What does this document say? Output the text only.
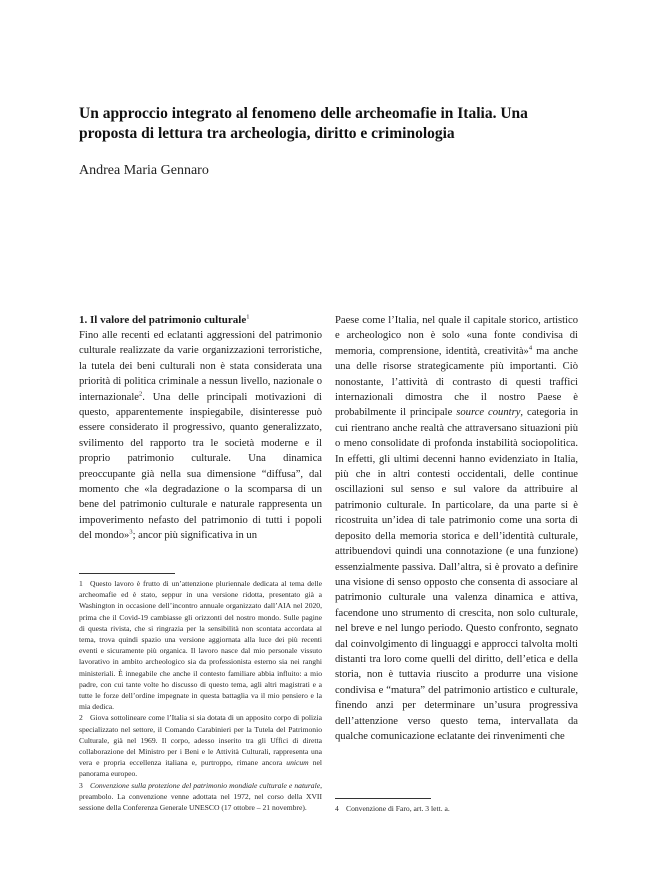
Un approccio integrato al fenomeno delle archeomafie in Italia. Una proposta di lettura tra archeologia, diritto e criminologia
Andrea Maria Gennaro
1. Il valore del patrimonio culturale$^1$

Fino alle recenti ed eclatanti aggressioni del patrimonio culturale realizzate da varie organizzazioni terroristiche, la tutela dei beni culturali non è stata considerata una priorità di politica criminale a nessun livello, nazionale o internazionale$^2$. Una delle principali motivazioni di questo, apparentemente inspiegabile, disinteresse può essere considerato il progressivo, quanto generalizzato, svilimento del rapporto tra le società moderne e il proprio patrimonio culturale. Una dinamica preoccupante già nella sua dimensione “diffusa”, dal momento che «la degradazione o la scomparsa di un bene del patrimonio culturale e naturale rappresenta un impoverimento nefasto del patrimonio di tutti i popoli del mondo»$^3$; ancor più significativa in un

Paese come l’Italia, nel quale il capitale storico, artistico e archeologico non è solo «una fonte condivisa di memoria, comprensione, identità, creatività»$^4$ ma anche una delle risorse strategicamente più importanti. Ciò nonostante, l’attività di contrasto di questi traffici internazionali dimostra che il nostro Paese è probabilmente il principale source country, categoria in cui rientrano anche realtà che attraversano situazioni più o meno consolidate di profonda instabilità sociopolitica. In effetti, gli ultimi decenni hanno evidenziato in Italia, più che in altri contesti occidentali, delle continue oscillazioni sul senso e sul valore da attribuire al patrimonio culturale. In particolare, da una parte si è ricostruita un’idea di tale patrimonio come una sorta di deposito della memoria storica e dell’identità culturale, attribuendovi quindi una connotazione (e una funzione) essenzialmente passiva. Dall’altra, si è provato a definire una visione di senso opposto che consenta di associare al patrimonio culturale una valenza dinamica e attiva, facendone uno strumento di crescita, non solo culturale, nel breve e nel lungo periodo. Questo confronto, segnato dal coinvolgimento di linguaggi e approcci talvolta molti distanti tra loro come quelli del diritto, dell’etica e della storia, non è tuttavia riuscito a produrre una visione condivisa e “matura” del patrimonio artistico e culturale, finendo anzi per determinare un’usura progressiva dell’attenzione verso questo tema, intervallata da qualche comunicazione eclatante dei rinvenimenti che

1 Questo lavoro è frutto di un’attenzione pluriennale dedicata al tema delle archeomafie ed è stato, seppur in una versione ridotta, presentato già a Washington in occasione dell’incontro annuale organizzato dall’AIA nel 2020, prima che il Covid-19 cambiasse gli orizzonti del nostro mondo. Sulle pagine di questa rivista, che si ringrazia per la sensibilità non scontata accordata al tema, trova quindi spazio una versione aggiornata alla luce dei più recenti eventi e sicuramente più organica. Il lavoro nasce dal mio personale vissuto lavorativo in ambito archeologico sia da professionista esterno sia nei ranghi ministeriali. È innegabile che anche il contesto familiare abbia influito: a mio padre, con cui tante volte ho discusso di questo tema, agli altri magistrati e a tutte le forze dell’ordine impegnate in questa battaglia va il mio pensiero e la mia dedica.

2 Giova sottolineare come l’Italia si sia dotata di un apposito corpo di polizia specializzato nel settore, il Comando Carabinieri per la Tutela del Patrimonio Culturale, già nel 1969. Il corpo, adesso inserito tra gli Uffici di diretta collaborazione del Ministro per i Beni e le Attività Culturali, rappresenta una vera e propria eccellenza italiana e, purtroppo, rimane ancora unicum nel panorama europeo.

3 Convenzione sulla protezione del patrimonio mondiale culturale e naturale, preambolo. La convenzione venne adottata nel 1972, nel corso della XVII sessione della Conferenza Generale UNESCO (17 ottobre – 21 novembre).	4 Convenzione di Faro, art. 3 lett. a.
